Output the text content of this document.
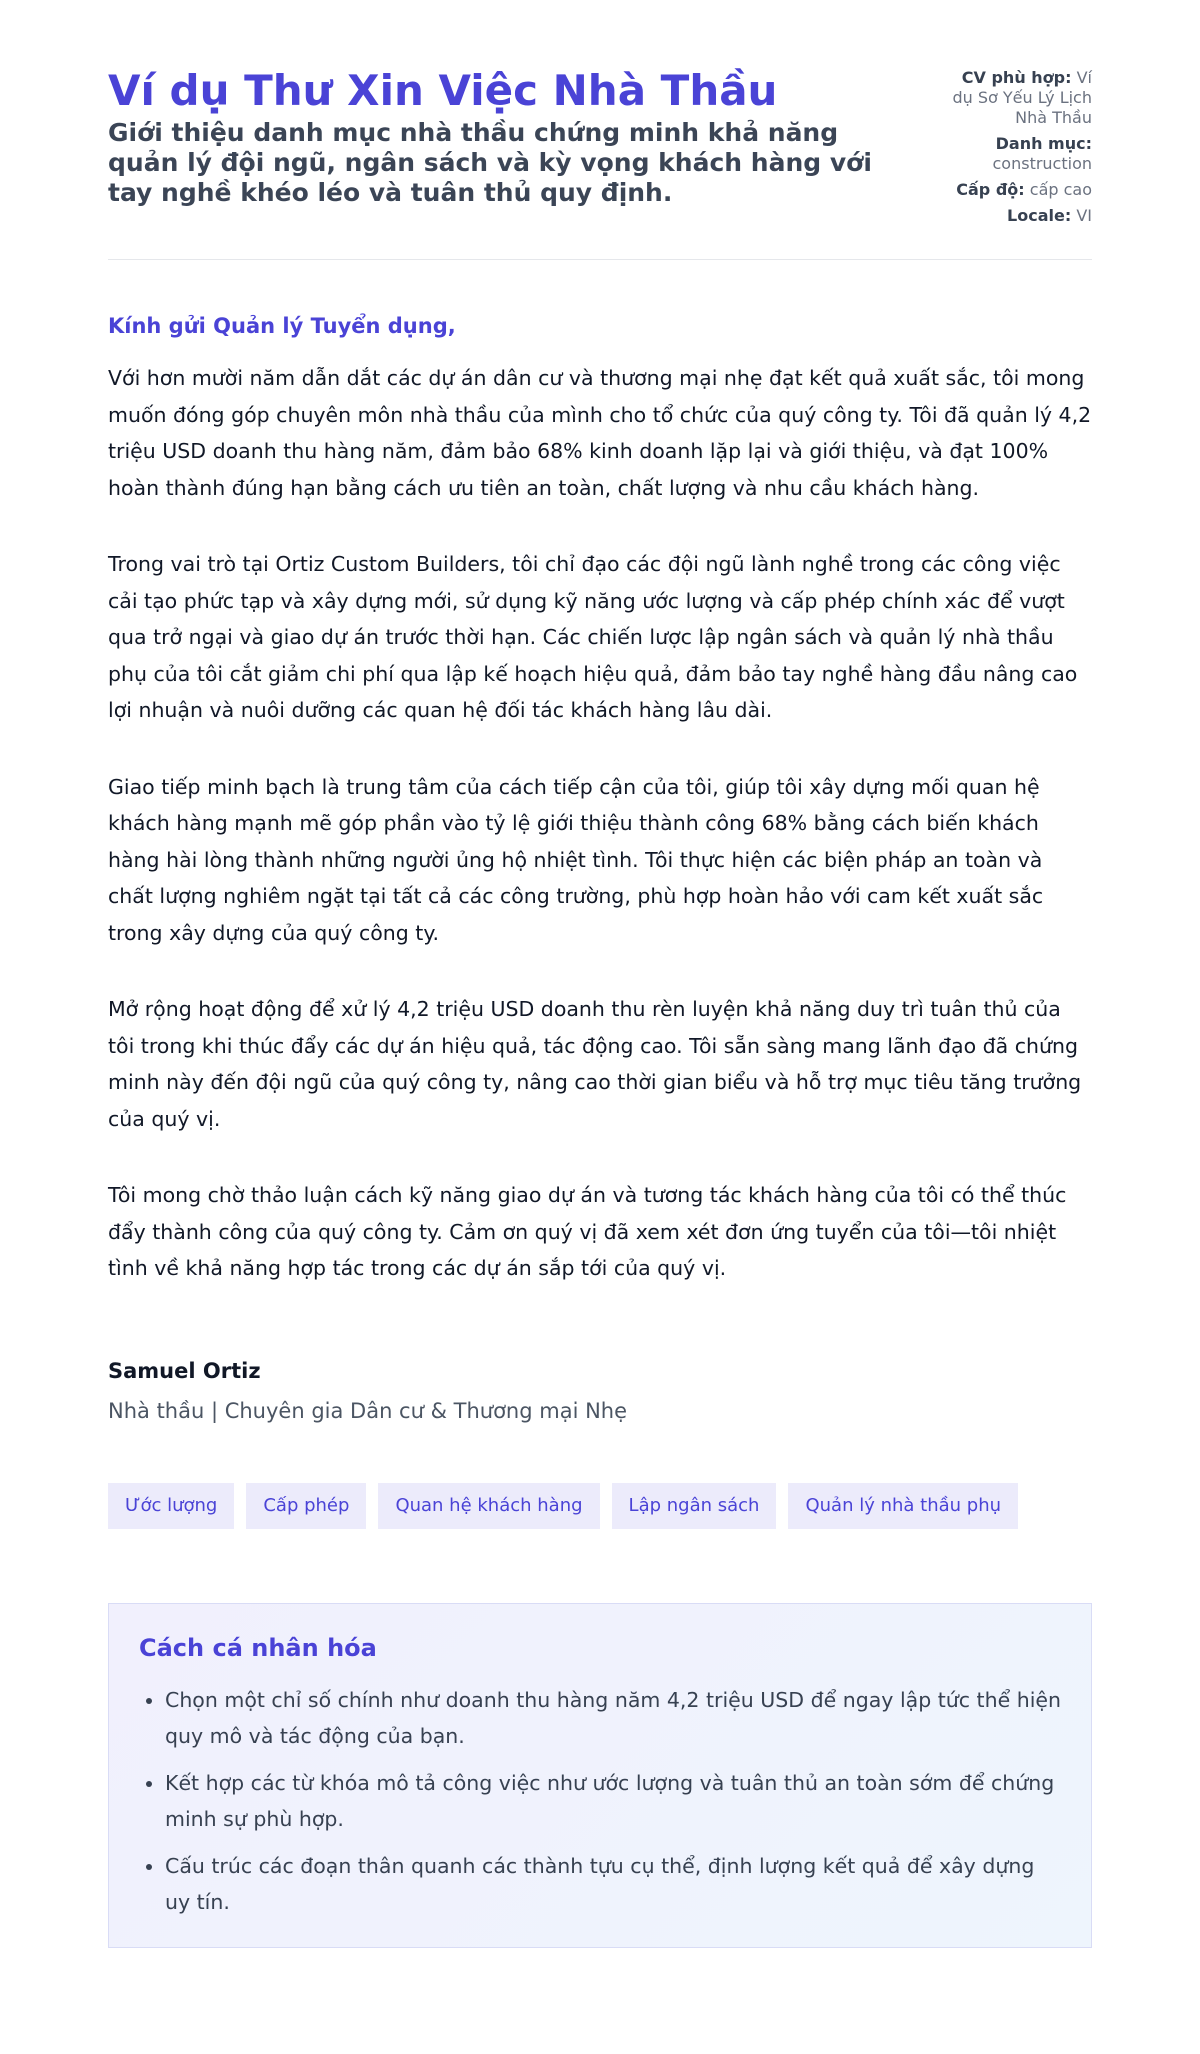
Ví dụ Thư Xin Việc Nhà Thầu
Giới thiệu danh mục nhà thầu chứng minh khả năng quản lý đội ngũ, ngân sách và kỳ vọng khách hàng với tay nghề khéo léo và tuân thủ quy định.
CV phù hợp: Ví dụ Sơ Yếu Lý Lịch Nhà Thầu
Danh mục:
construction
Cấp độ: cấp cao
Locale: VI

Kính gửi Quản lý Tuyển dụng,

Với hơn mười năm dẫn dắt các dự án dân cư và thương mại nhẹ đạt kết quả xuất sắc, tôi mong muốn đóng góp chuyên môn nhà thầu của mình cho tổ chức của quý công ty. Tôi đã quản lý 4,2 triệu USD doanh thu hàng năm, đảm bảo 68% kinh doanh lặp lại và giới thiệu, và đạt 100% hoàn thành đúng hạn bằng cách ưu tiên an toàn, chất lượng và nhu cầu khách hàng.

Trong vai trò tại Ortiz Custom Builders, tôi chỉ đạo các đội ngũ lành nghề trong các công việc cải tạo phức tạp và xây dựng mới, sử dụng kỹ năng ước lượng và cấp phép chính xác để vượt qua trở ngại và giao dự án trước thời hạn. Các chiến lược lập ngân sách và quản lý nhà thầu phụ của tôi cắt giảm chi phí qua lập kế hoạch hiệu quả, đảm bảo tay nghề hàng đầu nâng cao lợi nhuận và nuôi dưỡng các quan hệ đối tác khách hàng lâu dài.

Giao tiếp minh bạch là trung tâm của cách tiếp cận của tôi, giúp tôi xây dựng mối quan hệ khách hàng mạnh mẽ góp phần vào tỷ lệ giới thiệu thành công 68% bằng cách biến khách hàng hài lòng thành những người ủng hộ nhiệt tình. Tôi thực hiện các biện pháp an toàn và chất lượng nghiêm ngặt tại tất cả các công trường, phù hợp hoàn hảo với cam kết xuất sắc trong xây dựng của quý công ty.

Mở rộng hoạt động để xử lý 4,2 triệu USD doanh thu rèn luyện khả năng duy trì tuân thủ của tôi trong khi thúc đẩy các dự án hiệu quả, tác động cao. Tôi sẵn sàng mang lãnh đạo đã chứng minh này đến đội ngũ của quý công ty, nâng cao thời gian biểu và hỗ trợ mục tiêu tăng trưởng của quý vị.

Tôi mong chờ thảo luận cách kỹ năng giao dự án và tương tác khách hàng của tôi có thể thúc đẩy thành công của quý công ty. Cảm ơn quý vị đã xem xét đơn ứng tuyển của tôi—tôi nhiệt tình về khả năng hợp tác trong các dự án sắp tới của quý vị.

Samuel Ortiz
Nhà thầu | Chuyên gia Dân cư & Thương mại Nhẹ
Ước lượng	Cấp phép	Quan hệ khách hàng	Lập ngân sách	Quản lý nhà thầu phụ
Cách cá nhân hóa
• Chọn một chỉ số chính như doanh thu hàng năm 4,2 triệu USD để ngay lập tức thể hiện quy mô và tác động của bạn.
• Kết hợp các từ khóa mô tả công việc như ước lượng và tuân thủ an toàn sớm để chứng minh sự phù hợp.
• Cấu trúc các đoạn thân quanh các thành tựu cụ thể, định lượng kết quả để xây dựng uy tín.
